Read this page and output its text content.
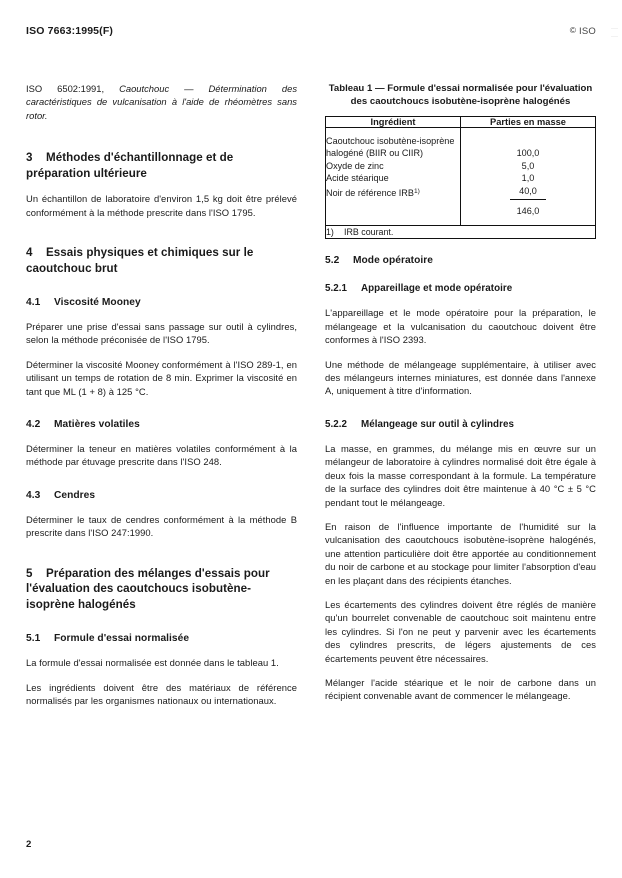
ISO 7663:1995(F)	© ISO
ISO 6502:1991, Caoutchouc — Détermination des caractéristiques de vulcanisation à l'aide de rhéomètres sans rotor.
3 Méthodes d'échantillonnage et de préparation ultérieure

Un échantillon de laboratoire d'environ 1,5 kg doit être prélevé conformément à la méthode prescrite dans l'ISO 1795.

4 Essais physiques et chimiques sur le caoutchouc brut
4.1 Viscosité Mooney

Préparer une prise d'essai sans passage sur outil à cylindres, selon la méthode préconisée de l'ISO 1795.

Déterminer la viscosité Mooney conformément à l'ISO 289-1, en utilisant un temps de rotation de 8 min. Exprimer la viscosité en tant que ML (1 + 8) à 125 °C.

4.2 Matières volatiles

Déterminer la teneur en matières volatiles conformément à la méthode par étuvage prescrite dans l'ISO 248.

4.3 Cendres

Déterminer le taux de cendres conformément à la méthode B prescrite dans l'ISO 247:1990.

5 Préparation des mélanges d'essais pour l'évaluation des caoutchoucs isobutène-isoprène halogénés
5.1 Formule d'essai normalisée

La formule d'essai normalisée est donnée dans le tableau 1.

Les ingrédients doivent être des matériaux de référence normalisés par les organismes nationaux ou internationaux.

Tableau 1 — Formule d'essai normalisée pour l'évaluation des caoutchoucs isobutène-isoprène halogénés
Ingrédient	Parties en masse
Caoutchouc isobutène-isoprène halogéné (BIIR ou CIIR)	100,0
Oxyde de zinc	5,0
Acide stéarique	1,0
Noir de référence IRB$^{1)}$	40,0
	146,0
1) IRB courant.	
5.2 Mode opératoire
5.2.1 Appareillage et mode opératoire

L'appareillage et le mode opératoire pour la préparation, le mélangeage et la vulcanisation du caoutchouc doivent être conformes à l'ISO 2393.

Une méthode de mélangeage supplémentaire, à utiliser avec des mélangeurs internes miniatures, est donnée dans l'annexe A, uniquement à titre d'information.

5.2.2 Mélangeage sur outil à cylindres

La masse, en grammes, du mélange mis en œuvre sur un mélangeur de laboratoire à cylindres normalisé doit être égale à deux fois la masse correspondant à la formule. La température de la surface des cylindres doit être maintenue à 40 °C ± 5 °C pendant tout le mélangeage.

En raison de l'influence importante de l'humidité sur la vulcanisation des caoutchoucs isobutène-isoprène halogénés, une attention particulière doit être apportée au conditionnement du noir de carbone et au stockage pour limiter l'absorption d'eau en les plaçant dans des récipients étanches.

Les écartements des cylindres doivent être réglés de manière qu'un bourrelet convenable de caoutchouc soit maintenu entre les cylindres. Si l'on ne peut y parvenir avec les écartements des cylindres prescrits, de légers ajustements de ces écartements peuvent être nécessaires.

Mélanger l'acide stéarique et le noir de carbone dans un récipient convenable avant de commencer le mélangeage.

2
